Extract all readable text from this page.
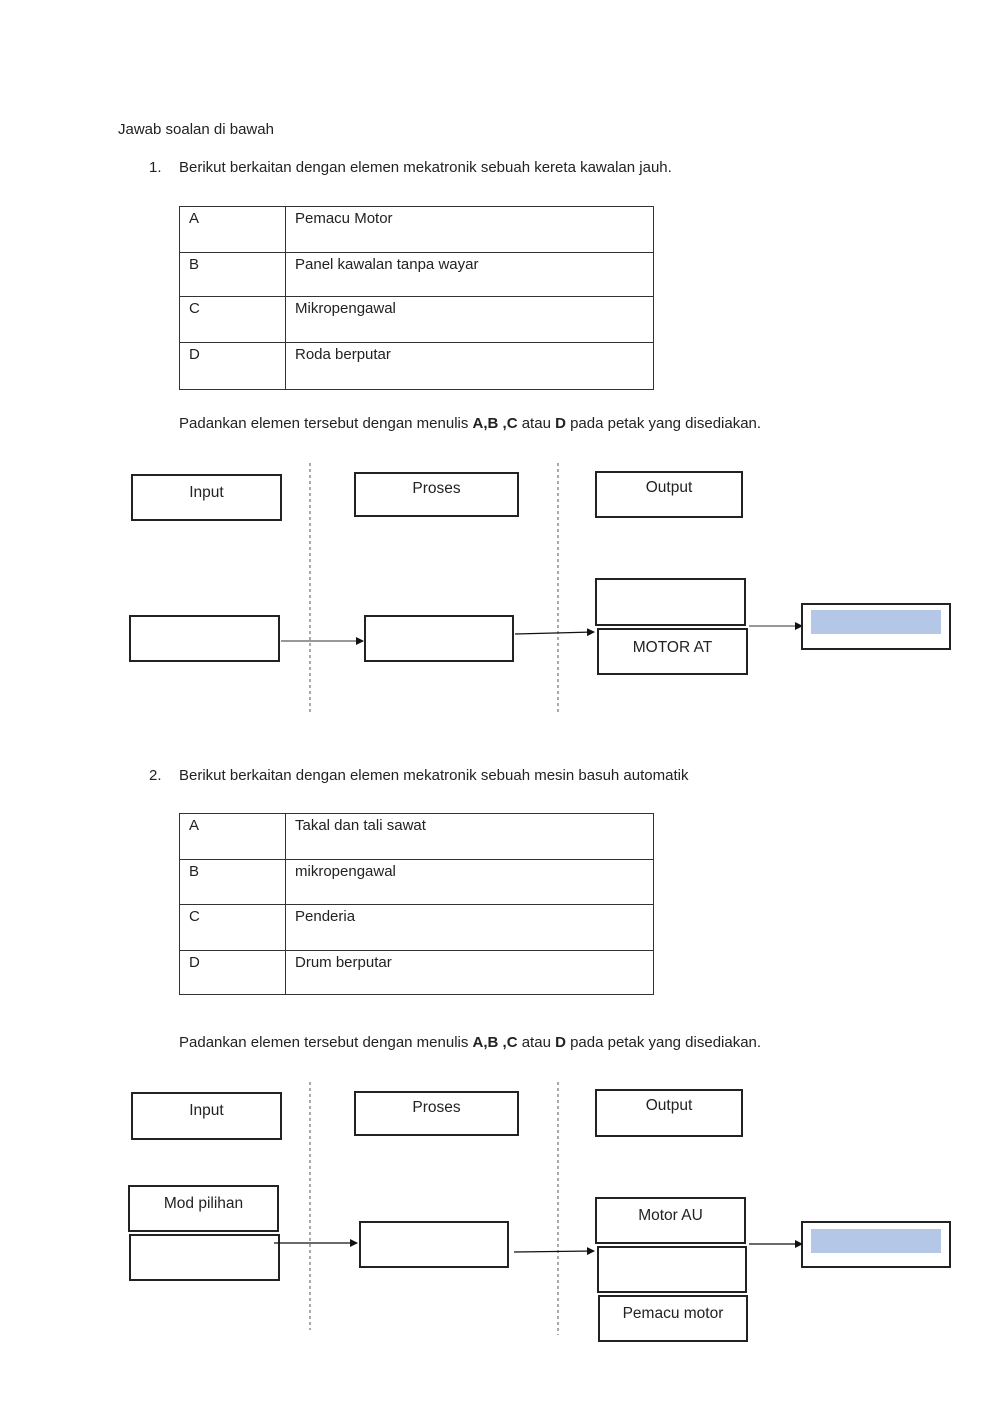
Jawab soalan di bawah
1. Berikut berkaitan dengan elemen mekatronik sebuah kereta kawalan jauh.
A	Pemacu Motor
B	Panel kawalan tanpa wayar
C	Mikropengawal
D	Roda berputar
Padankan elemen tersebut dengan menulis A,B ,C atau D pada petak yang disediakan.
Input	Proses	Output
MOTOR AT
2. Berikut berkaitan dengan elemen mekatronik sebuah mesin basuh automatik
A	Takal dan tali sawat
B	mikropengawal
C	Penderia
D	Drum berputar
Padankan elemen tersebut dengan menulis A,B ,C atau D pada petak yang disediakan.
Input	Proses	Output
Mod pilihan
Motor AU
Pemacu motor
